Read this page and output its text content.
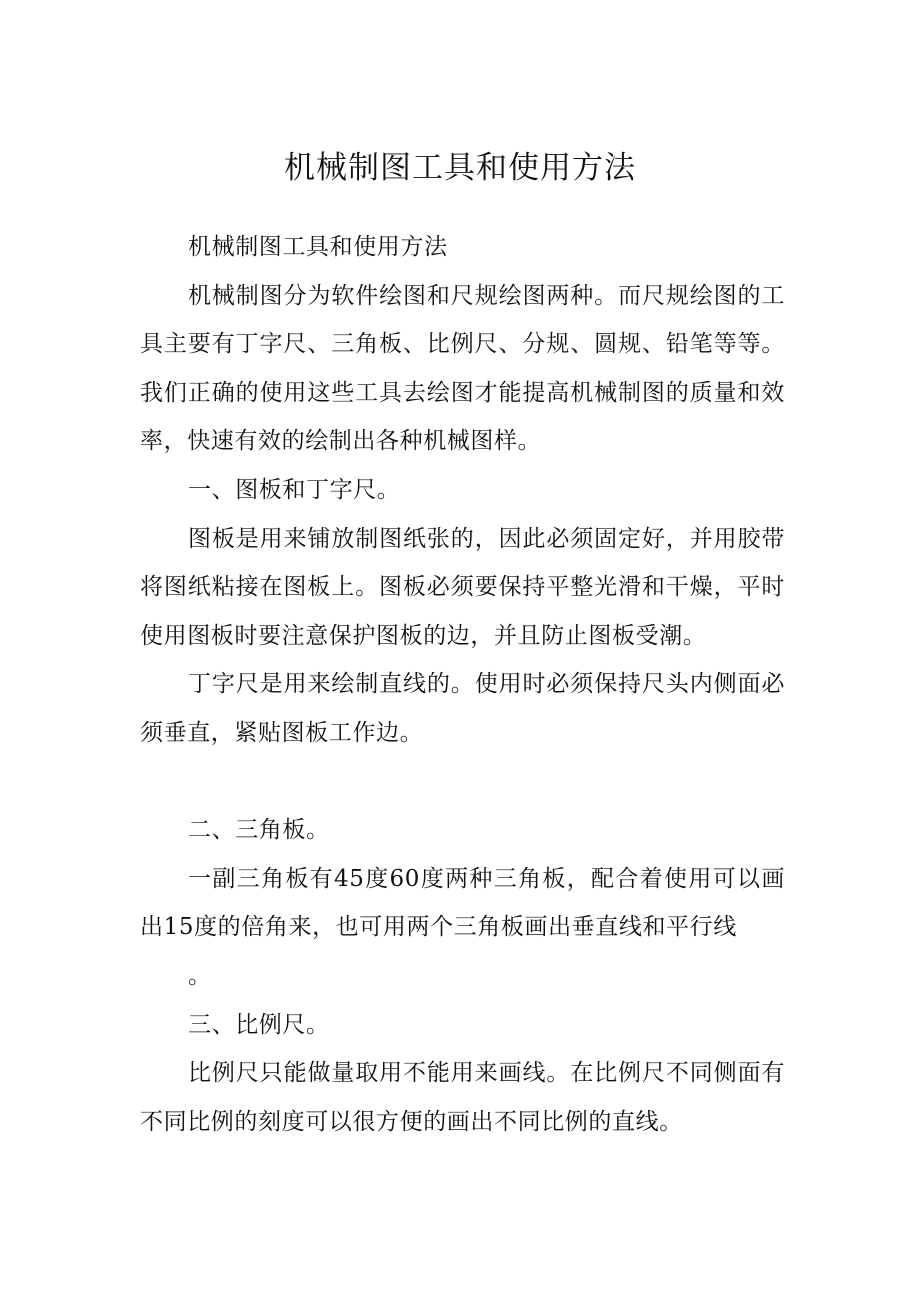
机械制图工具和使用方法

机械制图工具和使用方法

机械制图分为软件绘图和尺规绘图两种。而尺规绘图的工具主要有丁字尺、三角板、比例尺、分规、圆规、铅笔等等。我们正确的使用这些工具去绘图才能提高机械制图的质量和效率，快速有效的绘制出各种机械图样。

一、图板和丁字尺。

图板是用来铺放制图纸张的，因此必须固定好，并用胶带将图纸粘接在图板上。图板必须要保持平整光滑和干燥，平时使用图板时要注意保护图板的边，并且防止图板受潮。

丁字尺是用来绘制直线的。使用时必须保持尺头内侧面必须垂直，紧贴图板工作边。

二、三角板。

一副三角板有45度60度两种三角板，配合着使用可以画出15度的倍角来，也可用两个三角板画出垂直线和平行线

。

三、比例尺。

比例尺只能做量取用不能用来画线。在比例尺不同侧面有不同比例的刻度可以很方便的画出不同比例的直线。
